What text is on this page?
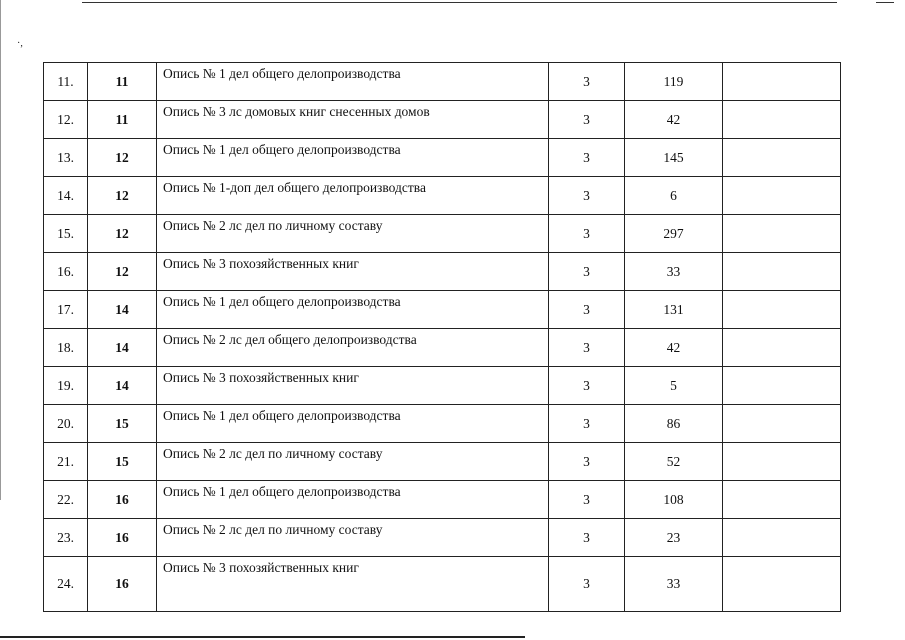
·,
11.	11	Опись № 1 дел общего делопроизводства	3	119	
12.	11	Опись № 3 лс домовых книг снесенных домов	3	42	
13.	12	Опись № 1 дел общего делопроизводства	3	145	
14.	12	Опись № 1-доп дел общего делопроизводства	3	6	
15.	12	Опись № 2 лс дел по личному составу	3	297	
16.	12	Опись № 3 похозяйственных книг	3	33	
17.	14	Опись № 1 дел общего делопроизводства	3	131	
18.	14	Опись № 2 лс дел общего делопроизводства	3	42	
19.	14	Опись № 3 похозяйственных книг	3	5	
20.	15	Опись № 1 дел общего делопроизводства	3	86	
21.	15	Опись № 2 лс дел по личному составу	3	52	
22.	16	Опись № 1 дел общего делопроизводства	3	108	
23.	16	Опись № 2 лс дел по личному составу	3	23	
24.	16	Опись № 3 похозяйственных книг	3	33	
